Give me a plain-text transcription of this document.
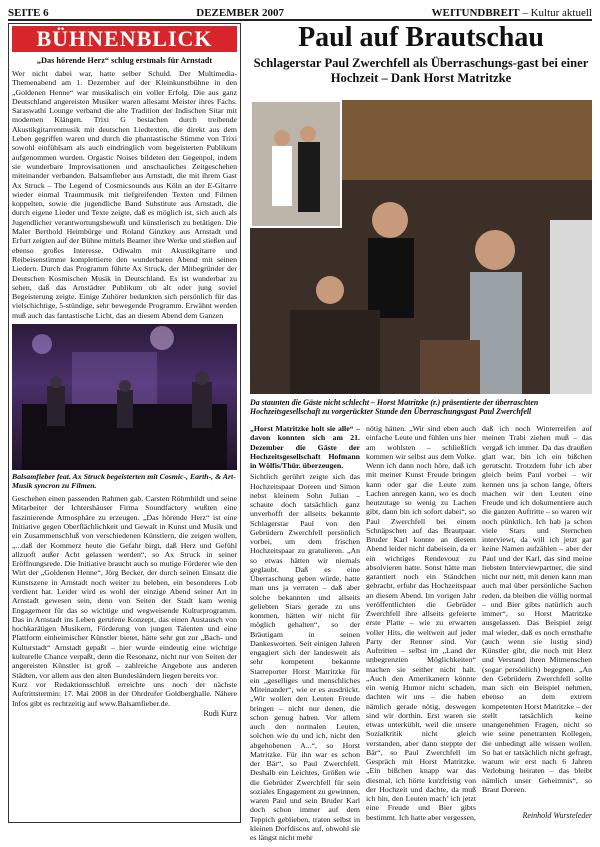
SEITE 6	DEZEMBER 2007	WEITUNDBREIT – Kultur aktuell
BÜHNENBLICK
„Das hörende Herz“ schlug erstmals für Arnstadt
Wer nicht dabei war, hatte selber Schuld. Der Multimedia-Themenabend am 1. Dezember auf der Kleinkunstbühne in den „Goldenen Henne“ war musikalisch ein voller Erfolg. Die aus ganz Deutschland angereisten Musiker waren allesamt Meister ihres Fachs. Saraswathi Lounge verband die alte Tradition der Indischen Sitar mit modernen Klängen. Trixi G bestachen durch treibende Akustikgitarrenmusik mit deutschen Liedtexten, die direkt aus dem Leben gegriffen waren und durch die phantastische Stimme von Trixi sowohl einfühlsam als auch eindringlich vom begeisterten Publikum aufgenommen wurden. Orgastic Noises bildeten den Gegenpol, indem sie wunderbare Improvisationen und anschauliches Zeitgeschehen miteinander verbanden. Balsamfieber aus Arnstadt, die mit ihrem Gast Ax Struck – The Legend of Cosmicsounds aus Köln an der E-Gitarre wieder einmal Traummusik mit tiefgreifenden Texten und Filmen koppelten, sowie die jugendliche Band Substitute aus Arnstadt, die durch eigene Lieder und Texte zeigte, daß es möglich ist, sich auch als Jugendlicher verantwortungsbewußt und künstlerisch zu betätigen. Die Maler Berthold Heimbürge und Roland Ginzkey aus Arnstadt und Erfurt zeigten auf der Bühne mittels Beamer ihre Werke und stießen auf ebenso großes Interesse. Odiwalm mit Akustikgitarre und Reibeisenstimme komplettierte den wunderbaren Abend mit seinen Liedern. Durch das Programm führte Ax Struck, der Mitbegründer der Deutschen Kosmischen Musik in Deutschland. Es ist wunderbar zu sehen, daß das Arnstädter Publikum ob alt oder jung soviel Begeisterung zeigte. Einige Zuhörer bedankten sich persönlich für das vielschichtige, 5-stündige, sehr bewegende Programm. Erwähnt werden muß auch das fantastische Licht, das an diesem Abend dem Ganzen
Balsamfieber feat. Ax Struck begeisterten mit Cosmic-, Earth-, & Art-Musik syncron zu Filmen.
Geschehen einen passenden Rahmen gab. Carsten Röhmhildt und seine Mitarbeiter der Ichtershäuser Firma Soundfactory wußten eine faszinierende Atmosphäre zu erzeugen. „Das hörende Herz“ ist eine Initiative gegen Oberflächlichkeit und Gewalt in Kunst und Musik und ein Zusammenschluß von verschiedenen Künstlern, die zeigen wollen, „...daß der Kommerz heute die Gefahr birgt, daß Herz und Gefühl allzuoft außer Acht gelassen werden“, so Ax Struck in seiner Eröffnungsrede. Die Initiative braucht auch so mutige Förderer wie den Wirt der „Goldenen Henne“, Jörg Becker, der durch seinen Einsatz die Kunstszene in Arnstadt noch weiter zu beleben, ein besonderes Lob verdient hat. Leider wird es wohl der einzige Abend seiner Art in Arnstadt gewesen sein, denn von Seiten der Stadt kam wenig Engagement für das so wichtige und wegweisende Kulturprogramm. Das in Arnstadt ins Leben gerufene Konzept, das einen Austausch von hochkarätigen Musikern, Förderung von jungen Talenten und eine Plattform einheimischer Künstler bietet, hätte sehr gut zur „Bach- und Kulturstadt“ Arnstadt gepaßt – hier wurde eindeutig eine wichtige kulturelle Chance verpaßt, denn die Resonanz, nicht nur von Seiten der angereisten Künstler ist groß – zahlreiche Angebote aus anderen Städten, vor allem aus den alten Bundesländern liegen bereits vor.
Kurz vor Redaktionsschluß erreichte uns noch der nächste Auftrittstermin: 17. Mai 2008 in der Ohrdrufer Goldberghalle. Nähere Infos gibt es rechtzeitig auf www.Balsamfieber.de.
Rudi Kurz
Paul auf Brautschau
Schlagerstar Paul Zwerchfell als Überraschungs-gast bei einer Hochzeit – Dank Horst Matritzke
Da staunten die Gäste nicht schlecht – Horst Matritzke (r.) präsentierte der überraschten Hochzeitsgesellschaft zu vorgerückter Stunde den Überraschungsgast Paul Zwerchfell

„Horst Matritzke holt sie alle“ – davon konnten sich am 21. Dezember die Gäste der Hochzeitsgesellschaft Hofmann in Wölfis/Thür. überzeugen.

Sichtlich gerührt zeigte sich das Hochzeitspaar Doreen und Simon nebst kleinem Sohn Julian – schaute doch tatsächlich ganz unverhofft der allseits bekannte Schlagerstar Paul von den Gebrüdern Zwerchfell persönlich vorbei, um dem frischen Hochzeitspaar zu gratulieren. „An so etwas hätten wir niemals geglaubt. Daß es eine Überraschung geben würde, hatte man uns ja verraten – daß aber solche bekannten und allseits geliebten Stars gerade zu uns kommen, hätten wir nicht für möglich gehalten“, so der Bräutigam in seinen Dankesworten. Seit einigen Jahren engagiert sich der landesweit als sehr kompetent bekannte Starreporter Horst Matritzke für ein „geselliges und menschliches Miteinander“, wie er es ausdrückt. „Wir wollen den Leuten Freude bringen – nicht nur denen, die schon genug haben. Vor allem auch den normalen Leuten, solchen wie du und ich, nicht den abgehobenen A...“, so Horst Matritzke. Für ihn war es schon der Bär“, so Paul Zwerchfell. Deshalb ein Leichtes, Größen wie die Gebrüder Zwerchfell für sein soziales Engagement zu gewinnen, waren Paul und sein Bruder Karl doch schon immer auf dem Teppich geblieben, traten selbst in kleinen Dorfdiscos auf, obwohl sie es längst nicht mehr

nötig hätten. „Wir sind eben auch einfache Leute und fühlen uns hier am wohlsten – schließlich kommen wir selbst aus dem Volke. Wenn ich dann noch höre, daß ich mit meiner Kunst Freude bringen kann oder gar die Leute zum Lachen anregen kann, wo es doch heutzutage so wenig zu Lachen gibt, dann bin ich sofort dabei“, so Paul Zwerchfell bei einem Schnäpschen auf das Brautpaar. Bruder Karl konnte an diesem Abend leider nicht dabeisein, da er ein wichtiges Rendevouz zu absolvieren hatte. Sonst hätte man garantiert noch ein Ständchen gebracht, erfuhr das Hochzeitspaar an diesem Abend. Im vorigen Jahr veröffentlichten die Gebrüder Zwerchfell ihre allseits gefeierte erste Platte – wie zu erwarten voller Hits, die weltweit auf jeder Party der Renner sind. Vor Auftritten – selbst im „Land der unbegrenzten Möglichkeiten“ machen sie seither nicht halt. „Auch den Amerikanern könnte ein wenig Humor nicht schaden, dachten wir uns – die haben nämlich gerade nötig, deswegen sind wir dorthin. Erst waren sie etwas unterkühlt, weil die unsere Sozialkritik nicht gleich verstanden, aber dann steppte der Bär“, so Paul Zwerchfell im Gespräch mit Horst Matritzke. „Ein bißchen knapp war das diesmal, ich hörte kurzfristig von der Hochzeit und dachte, da muß ich hin, den Leuten mach’ ich jetzt eine Freude und Bier gibts bestimmt. Ich hatte aber vergessen,

daß ich noch Winterreifen auf meinen Trabi ziehen muß – das vergaß ich immer. Da das draußen glatt war, bin ich ein bißchen gerutscht. Trotzdem fuhr ich aber gleich beim Paul vorbei – wir kennen uns ja schon lange, öfters machen wir den Leuten eine Freude und ich dokumentiere auch die ganzen Auftritte – so waren wir noch pünktlich. Ich hab ja schon viele Stars und Sternchen interviewt, da will ich jetzt gar keine Namen aufzählen – aber der Paul und der Karl, das sind meine liebsten Interviewpartner, die sind nicht nur nett, mit denen kann man auch mal über persönliche Sachen reden, da bleiben die völlig normal – und Bier gibts natürlich auch immer“, so Horst Matritzke ausgelassen. Das Beispiel zeigt mal wieder, daß es noch ernsthafte (auch wenn sie lustig sind) Künstler gibt, die noch mit Herz und Verstand ihren Mitmenschen (sogar persönlich) begegnen. „An den Gebrüdern Zwerchfell sollte man sich ein Beispiel nehmen, ebenso an dem extrem kompetenten Horst Matritzke – der stellt tatsächlich keine unangenehmen Fragen, nicht so wie seine penetranten Kollegen, die unbedingt alle wissen wollen. So hat er tatsächlich nicht gefragt, warum wir erst nach 6 Jahren Verlobung heiraten – das bleibt nämlich unser Geheimnis“, so Braut Doreen.

Reinhold Wursteleder
